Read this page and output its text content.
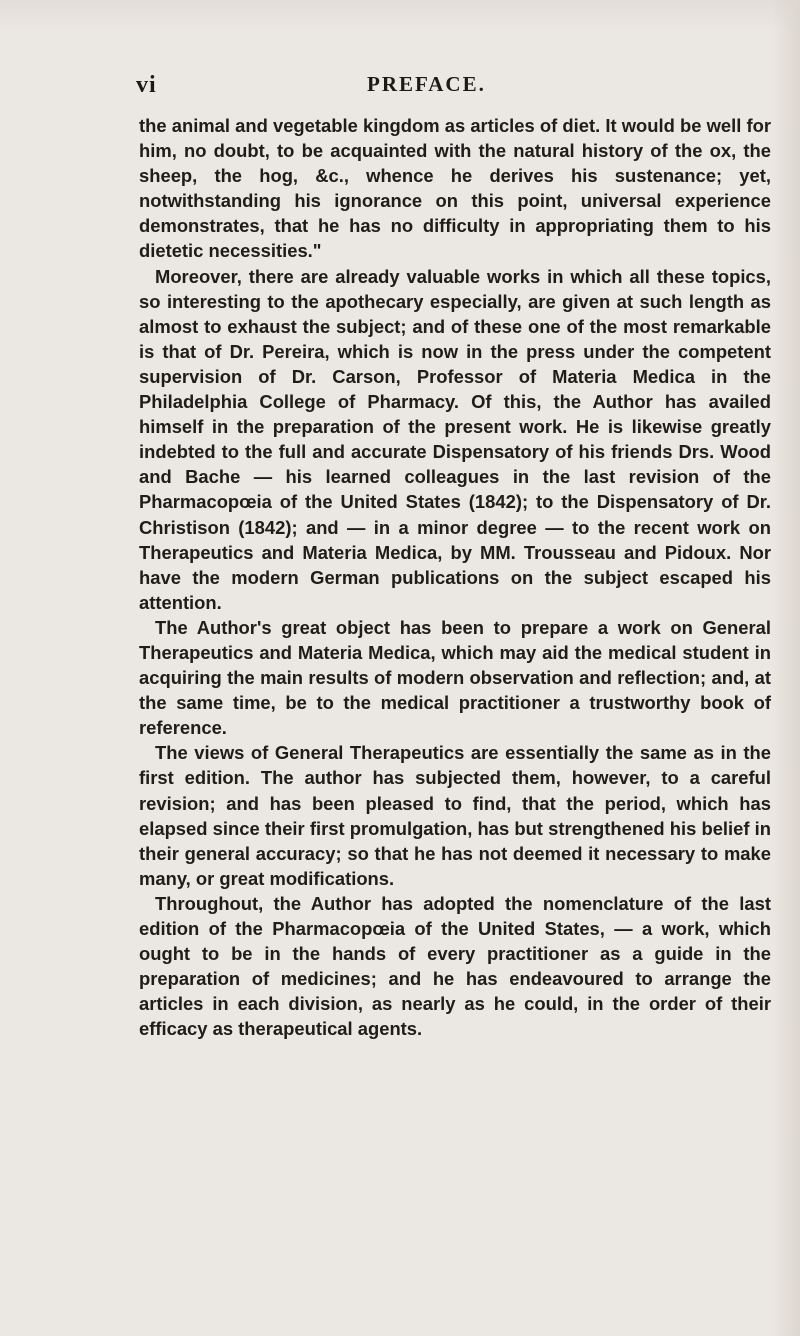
vi	PREFACE.

the animal and vegetable kingdom as articles of diet. It would be well for him, no doubt, to be acquainted with the natural history of the ox, the sheep, the hog, &c., whence he derives his sustenance; yet, notwithstanding his ignorance on this point, universal experience demonstrates, that he has no difficulty in appropriating them to his dietetic necessities."

Moreover, there are already valuable works in which all these topics, so interesting to the apothecary especially, are given at such length as almost to exhaust the subject; and of these one of the most remarkable is that of Dr. Pereira, which is now in the press under the competent supervision of Dr. Carson, Professor of Materia Medica in the Philadelphia College of Pharmacy. Of this, the Author has availed himself in the preparation of the present work. He is likewise greatly indebted to the full and accurate Dispensatory of his friends Drs. Wood and Bache — his learned colleagues in the last revision of the Pharmacopœia of the United States (1842); to the Dispensatory of Dr. Christison (1842); and — in a minor degree — to the recent work on Therapeutics and Materia Medica, by MM. Trousseau and Pidoux. Nor have the modern German publications on the subject escaped his attention.

The Author's great object has been to prepare a work on General Therapeutics and Materia Medica, which may aid the medical student in acquiring the main results of modern observation and reflection; and, at the same time, be to the medical practitioner a trustworthy book of reference.

The views of General Therapeutics are essentially the same as in the first edition. The author has subjected them, however, to a careful revision; and has been pleased to find, that the period, which has elapsed since their first promulgation, has but strengthened his belief in their general accuracy; so that he has not deemed it necessary to make many, or great modifications.

Throughout, the Author has adopted the nomenclature of the last edition of the Pharmacopœia of the United States, — a work, which ought to be in the hands of every practitioner as a guide in the preparation of medicines; and he has endeavoured to arrange the articles in each division, as nearly as he could, in the order of their efficacy as therapeutical agents.
